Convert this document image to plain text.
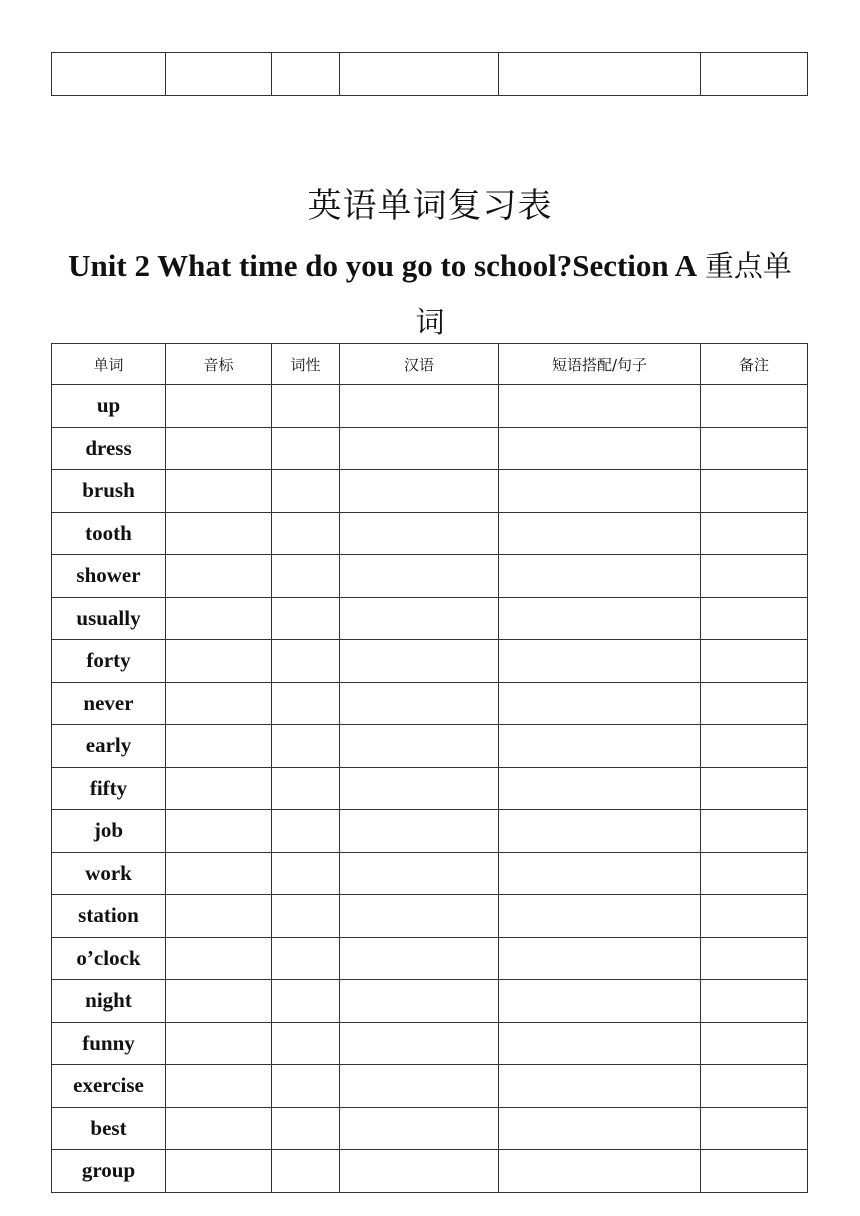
英语单词复习表
Unit 2 What time do you go to school?Section A 重点单词
单词	音标	词性	汉语	短语搭配/句子	备注
up					
dress					
brush					
tooth					
shower					
usually					
forty					
never					
early					
fifty					
job					
work					
station					
o’clock					
night					
funny					
exercise					
best					
group					
